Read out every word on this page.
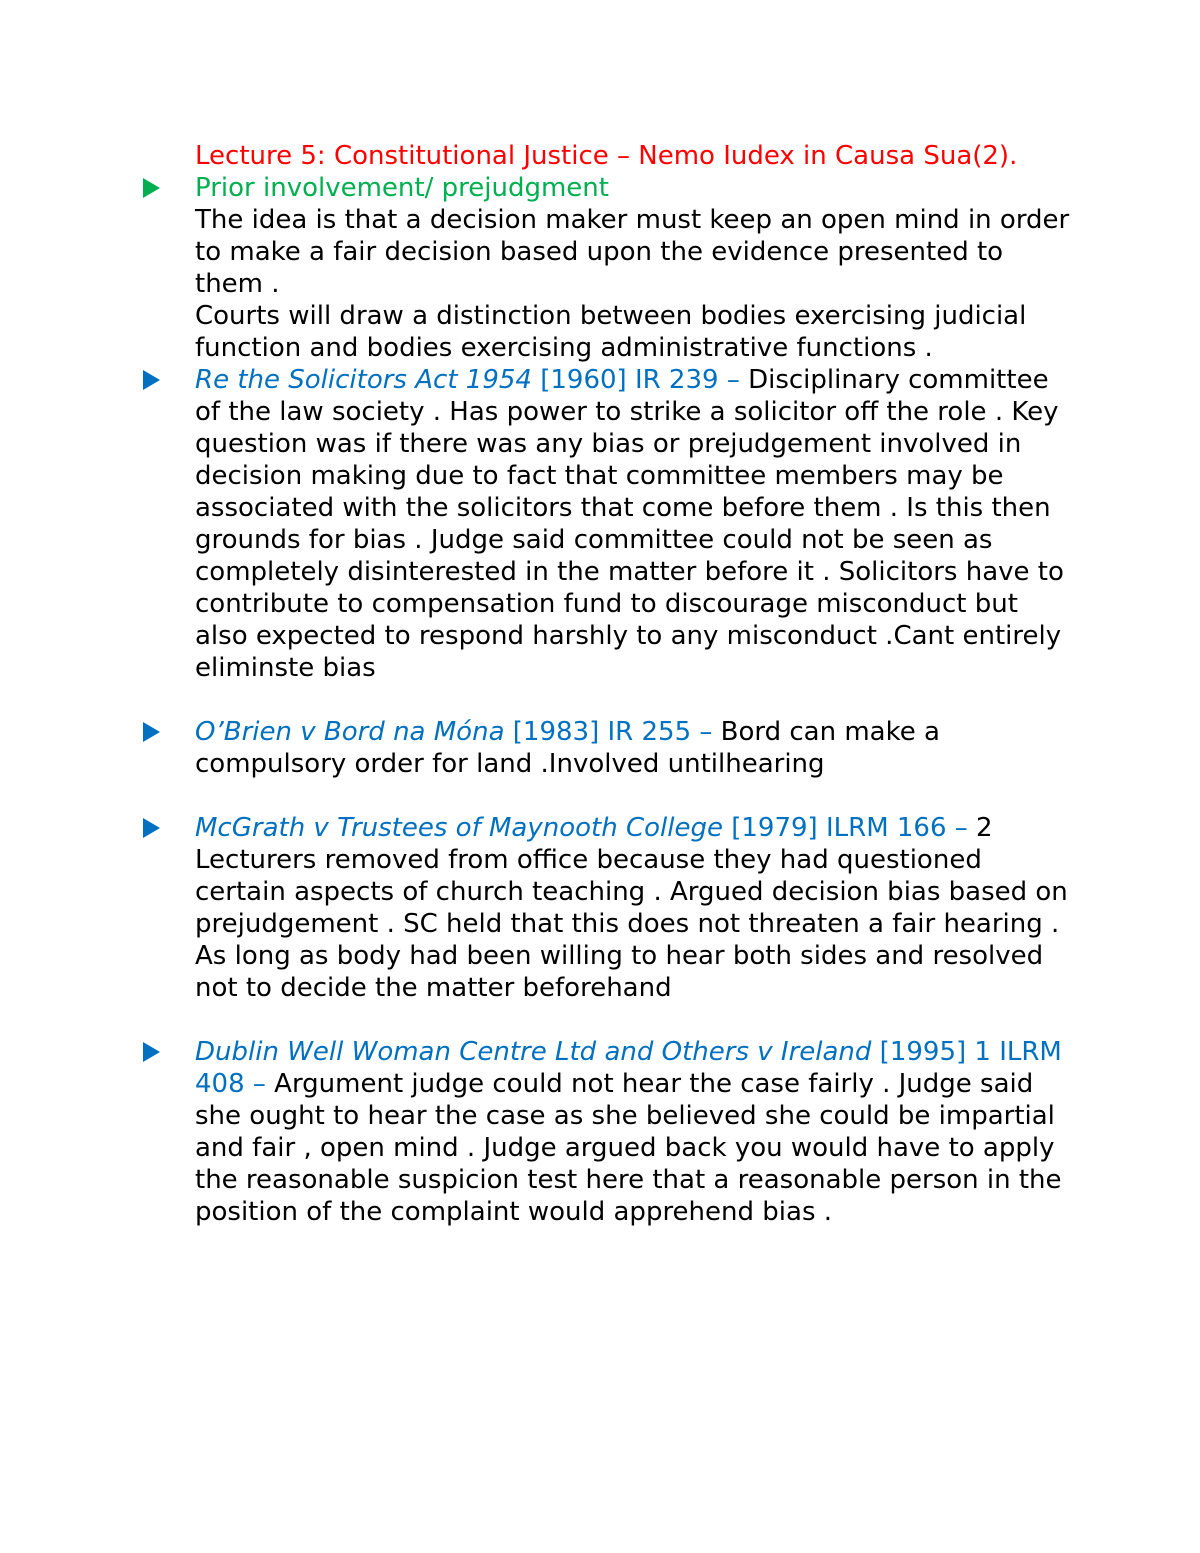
Lecture 5: Constitutional Justice – Nemo Iudex in Causa Sua(2).

Prior involvement/ prejudgment

The idea is that a decision maker must keep an open mind in order to make a fair decision based upon the evidence presented to them .

Courts will draw a distinction between bodies exercising judicial function and bodies exercising administrative functions .

Re the Solicitors Act 1954 [1960] IR 239 – Disciplinary committee of the law society . Has power to strike a solicitor off the role . Key question was if there was any bias or prejudgement involved in decision making due to fact that committee members may be associated with the solicitors that come before them . Is this then grounds for bias . Judge said committee could not be seen as completely disinterested in the matter before it . Solicitors have to contribute to compensation fund to discourage misconduct but also expected to respond harshly to any misconduct .Cant entirely eliminste bias

O’Brien v Bord na Móna [1983] IR 255 – Bord can make a compulsory order for land .Involved untilhearing

McGrath v Trustees of Maynooth College [1979] ILRM 166 – 2 Lecturers removed from office because they had questioned certain aspects of church teaching . Argued decision bias based on prejudgement . SC held that this does not threaten a fair hearing . As long as body had been willing to hear both sides and resolved not to decide the matter beforehand

Dublin Well Woman Centre Ltd and Others v Ireland [1995] 1 ILRM 408 – Argument judge could not hear the case fairly . Judge said she ought to hear the case as she believed she could be impartial and fair , open mind . Judge argued back you would have to apply the reasonable suspicion test here that a reasonable person in the position of the complaint would apprehend bias .
